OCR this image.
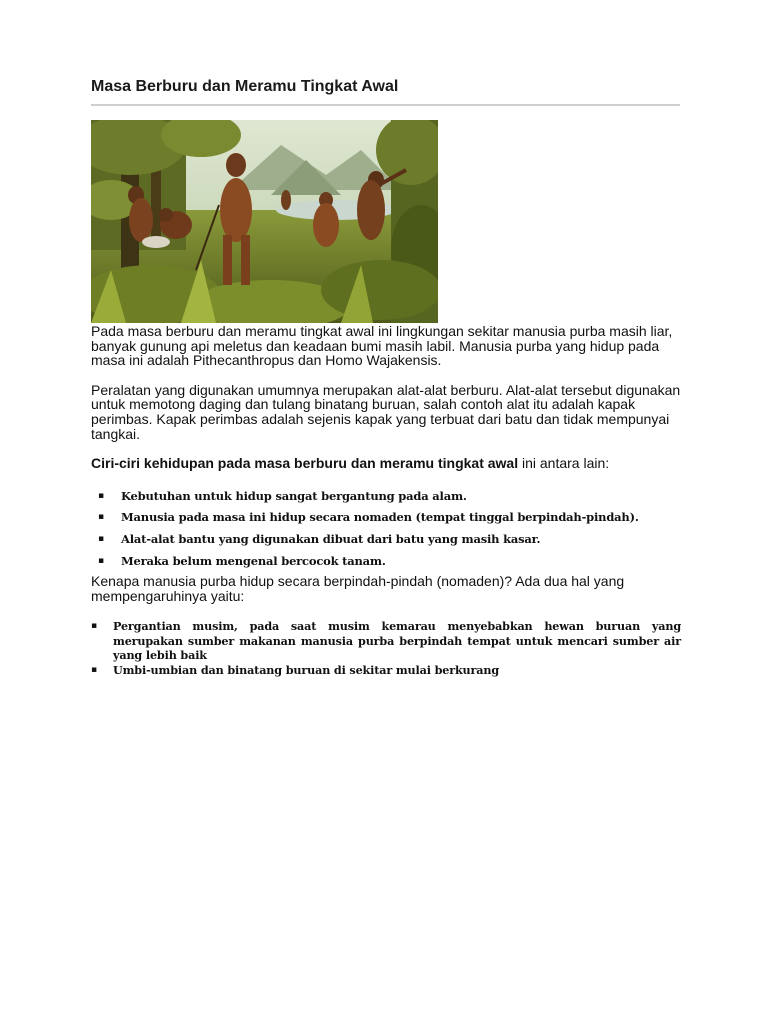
Masa Berburu dan Meramu Tingkat Awal

Pada masa berburu dan meramu tingkat awal ini lingkungan sekitar manusia purba masih liar, banyak gunung api meletus dan keadaan bumi masih labil. Manusia purba yang hidup pada masa ini adalah Pithecanthropus dan Homo Wajakensis.

Peralatan yang digunakan umumnya merupakan alat-alat berburu. Alat-alat tersebut digunakan untuk memotong daging dan tulang binatang buruan, salah contoh alat itu adalah kapak perimbas. Kapak perimbas adalah sejenis kapak yang terbuat dari batu dan tidak mempunyai tangkai.

Ciri-ciri kehidupan pada masa berburu dan meramu tingkat awal ini antara lain:

▪ Kebutuhan untuk hidup sangat bergantung pada alam.
▪ Manusia pada masa ini hidup secara nomaden (tempat tinggal berpindah-pindah).
▪ Alat-alat bantu yang digunakan dibuat dari batu yang masih kasar.
▪ Meraka belum mengenal bercocok tanam.

Kenapa manusia purba hidup secara berpindah-pindah (nomaden)? Ada dua hal yang mempengaruhinya yaitu:

▪ Pergantian musim, pada saat musim kemarau menyebabkan hewan buruan yang merupakan sumber makanan manusia purba berpindah tempat untuk mencari sumber air yang lebih baik
▪ Umbi-umbian dan binatang buruan di sekitar mulai berkurang
